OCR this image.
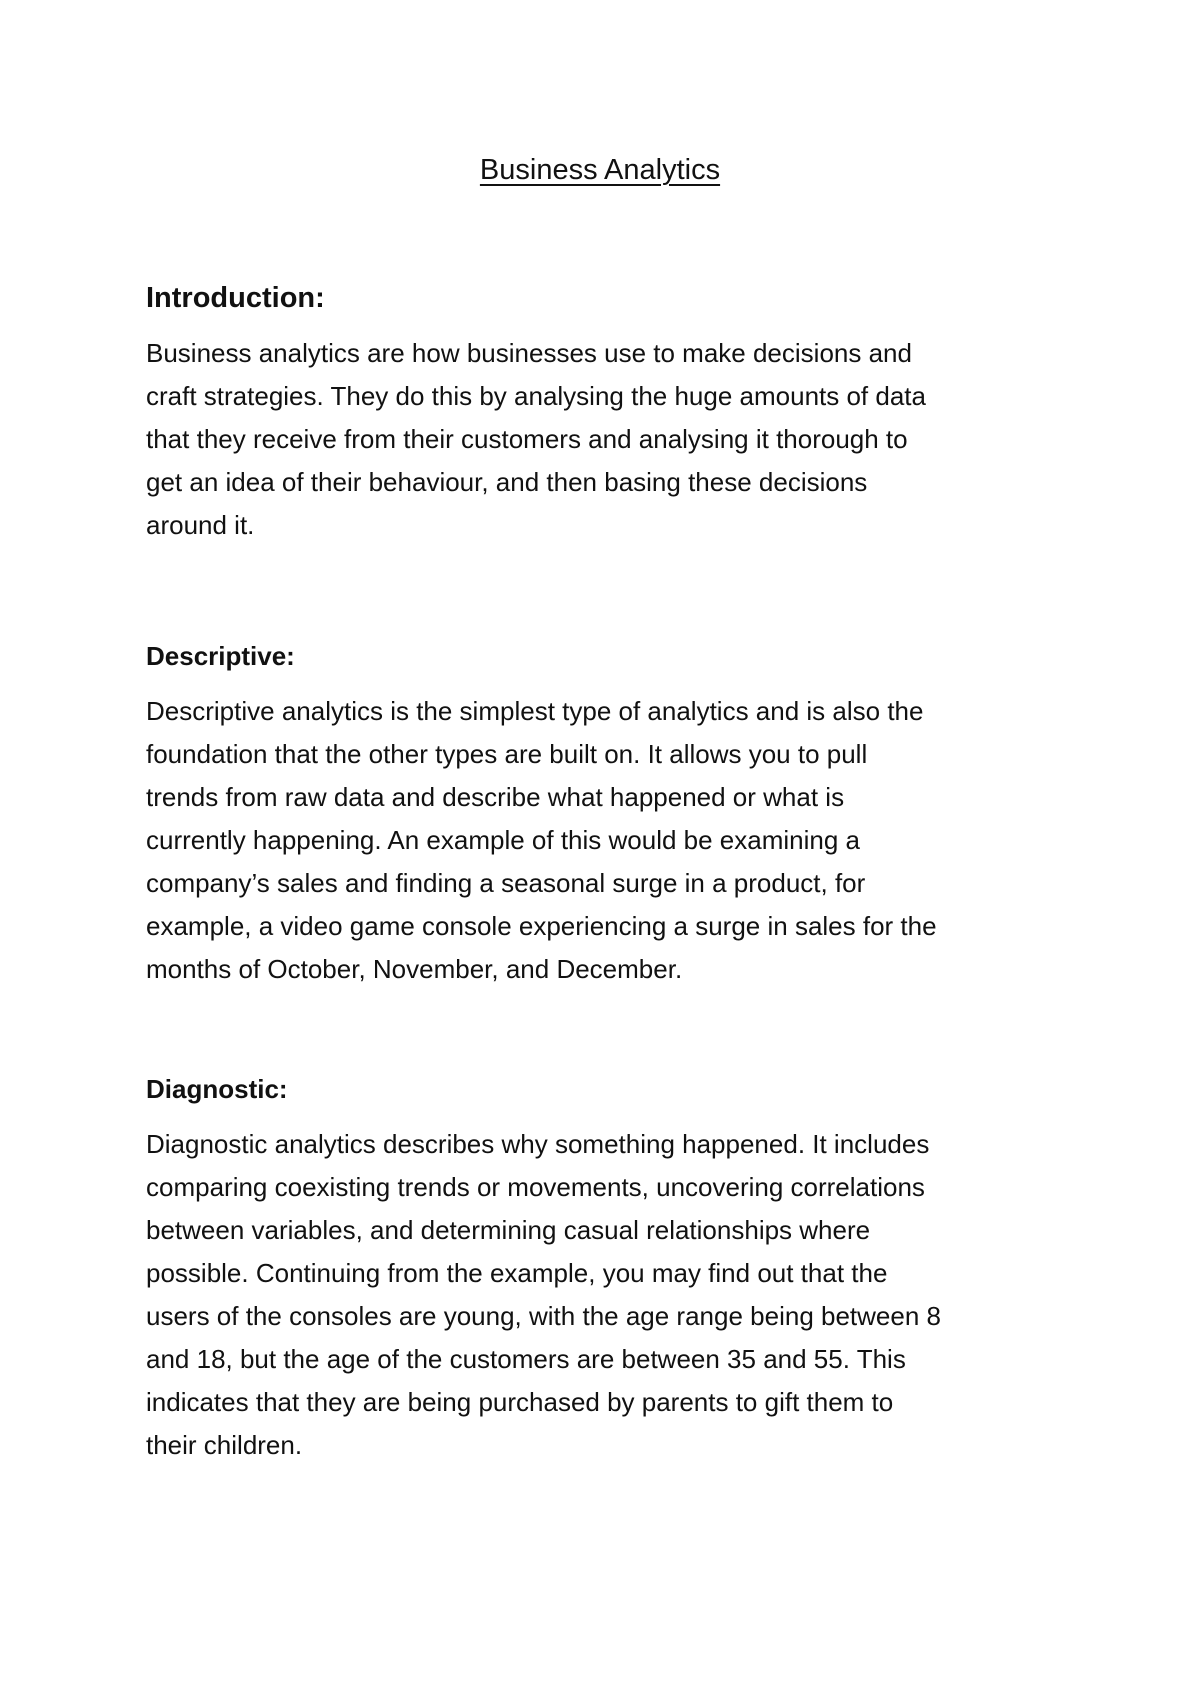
Business Analytics
Introduction:

Business analytics are how businesses use to make decisions and
craft strategies. They do this by analysing the huge amounts of data
that they receive from their customers and analysing it thorough to
get an idea of their behaviour, and then basing these decisions
around it.

Descriptive:

Descriptive analytics is the simplest type of analytics and is also the
foundation that the other types are built on. It allows you to pull
trends from raw data and describe what happened or what is
currently happening. An example of this would be examining a
company’s sales and finding a seasonal surge in a product, for
example, a video game console experiencing a surge in sales for the
months of October, November, and December.

Diagnostic:

Diagnostic analytics describes why something happened. It includes
comparing coexisting trends or movements, uncovering correlations
between variables, and determining casual relationships where
possible. Continuing from the example, you may find out that the
users of the consoles are young, with the age range being between 8
and 18, but the age of the customers are between 35 and 55. This
indicates that they are being purchased by parents to gift them to
their children.
